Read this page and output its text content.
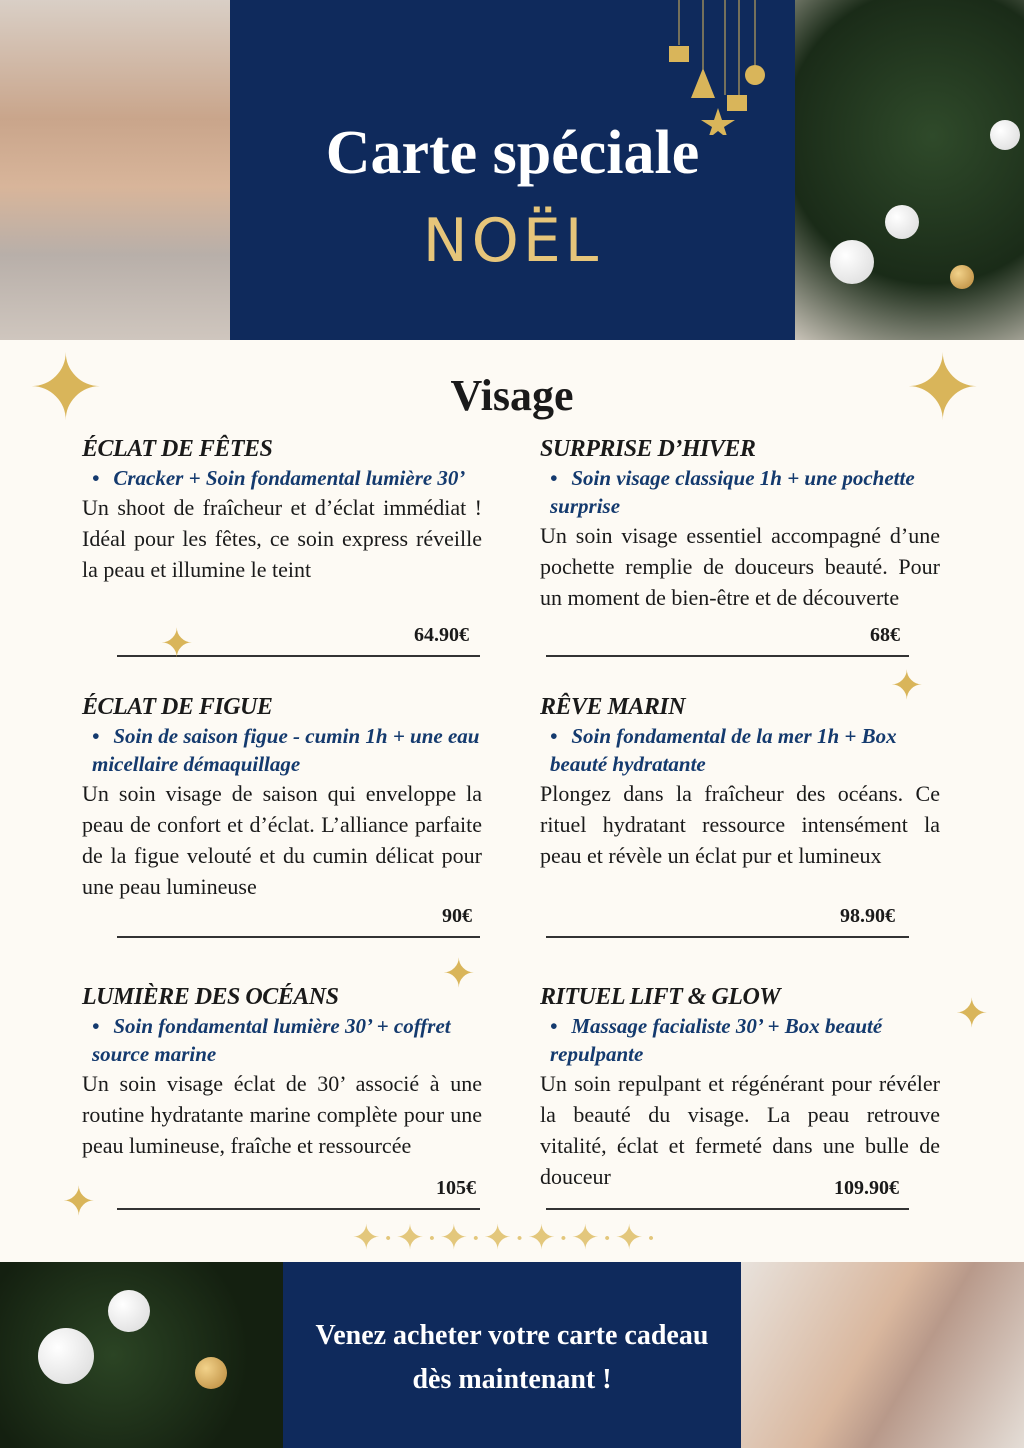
Carte spéciale
NOËL
✦	✦
Visage
ÉCLAT DE FÊTES
• Cracker + Soin fondamental lumière 30’

Un shoot de fraîcheur et d’éclat immédiat ! Idéal pour les fêtes, ce soin express réveille la peau et illumine le teint

64.90€
SURPRISE D’HIVER
• Soin visage classique 1h + une pochette surprise

Un soin visage essentiel accompagné d’une pochette remplie de douceurs beauté. Pour un moment de bien-être et de découverte

68€
ÉCLAT DE FIGUE
• Soin de saison figue - cumin 1h + une eau micellaire démaquillage

Un soin visage de saison qui enveloppe la peau de confort et d’éclat. L’alliance parfaite de la figue velouté et du cumin délicat pour une peau lumineuse

90€
RÊVE MARIN
• Soin fondamental de la mer 1h + Box beauté hydratante

Plongez dans la fraîcheur des océans. Ce rituel hydratant ressource intensément la peau et révèle un éclat pur et lumineux

98.90€
LUMIÈRE DES OCÉANS
• Soin fondamental lumière 30’ + coffret source marine

Un soin visage éclat de 30’ associé à une routine hydratante marine complète pour une peau lumineuse, fraîche et ressourcée

105€
RITUEL LIFT & GLOW
• Massage facialiste 30’ + Box beauté repulpante

Un soin repulpant et régénérant pour révéler la beauté du visage. La peau retrouve vitalité, éclat et fermeté dans une bulle de douceur	109.90€
✦
✦
✦
✦
✦
✦·✦·✦·✦·✦·✦·✦·
Venez acheter votre carte cadeau
dès maintenant !
